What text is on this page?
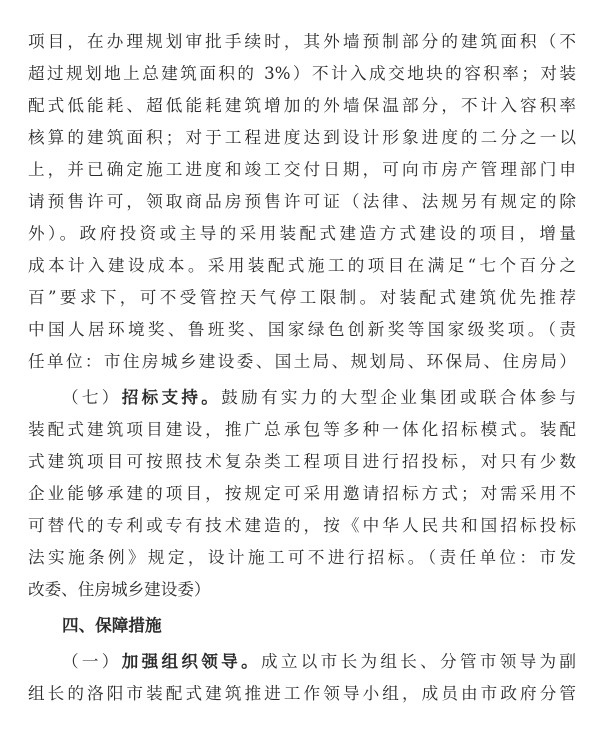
项目，在办理规划审批手续时，其外墙预制部分的建筑面积（不
超过规划地上总建筑面积的 3%）不计入成交地块的容积率；对装
配式低能耗、超低能耗建筑增加的外墙保温部分，不计入容积率
核算的建筑面积；对于工程进度达到设计形象进度的二分之一以
上，并已确定施工进度和竣工交付日期，可向市房产管理部门申
请预售许可，领取商品房预售许可证（法律、法规另有规定的除
外）。政府投资或主导的采用装配式建造方式建设的项目，增量
成本计入建设成本。采用装配式施工的项目在满足“七个百分之
百”要求下，可不受管控天气停工限制。对装配式建筑优先推荐
中国人居环境奖、鲁班奖、国家绿色创新奖等国家级奖项。（责
任单位：市住房城乡建设委、国土局、规划局、环保局、住房局）
（七）招标支持。鼓励有实力的大型企业集团或联合体参与
装配式建筑项目建设，推广总承包等多种一体化招标模式。装配
式建筑项目可按照技术复杂类工程项目进行招投标，对只有少数
企业能够承建的项目，按规定可采用邀请招标方式；对需采用不
可替代的专利或专有技术建造的，按《中华人民共和国招标投标
法实施条例》规定，设计施工可不进行招标。（责任单位：市发
改委、住房城乡建设委）
四、保障措施
（一）加强组织领导。成立以市长为组长、分管市领导为副
组长的洛阳市装配式建筑推进工作领导小组，成员由市政府分管
